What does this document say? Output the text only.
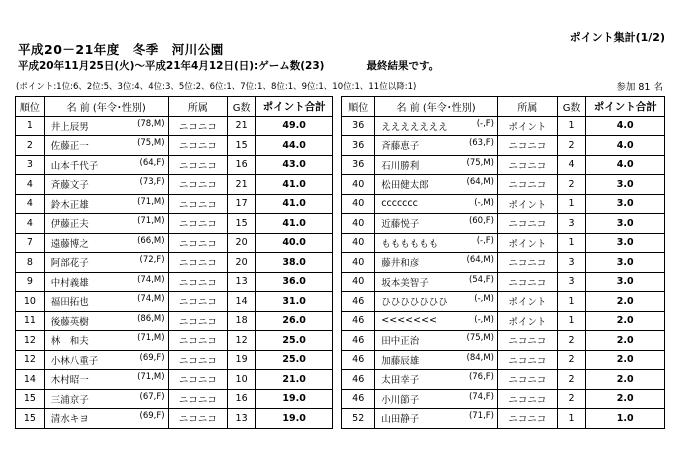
ポイント集計(1/2)
平成20－21年度　冬季　河川公園
平成20年11月25日(火)～平成21年4月12日(日):ゲーム数(23)	最終結果です。
(ポイント:1位:6、2位:5、3位:4、4位:3、5位:2、6位:1、7位:1、8位:1、9位:1、10位:1、11位以降:1)	参加 81 名
順位	名 前 (年令･性別)	所属	G数	ポイント合計		順位	名 前 (年令･性別)	所属	G数	ポイント合計
1	井上辰男 (78,M)	ニコニコ	21	49.0		36	えええええええ (-,F)	ポイント	1	4.0
2	佐藤正一 (75,M)	ニコニコ	15	44.0		36	斉藤恵子 (63,F)	ニコニコ	2	4.0
3	山本千代子 (64,F)	ニコニコ	16	43.0		36	石川勝利 (75,M)	ニコニコ	4	4.0
4	斉藤文子 (73,F)	ニコニコ	21	41.0		40	松田健太郎 (64,M)	ニコニコ	2	3.0
4	鈴木正雄 (71,M)	ニコニコ	17	41.0		40	ccccccc (-,M)	ポイント	1	3.0
4	伊藤正夫 (71,M)	ニコニコ	15	41.0		40	近藤悦子 (60,F)	ニコニコ	3	3.0
7	遠藤博之 (66,M)	ニコニコ	20	40.0		40	もももももも (-,F)	ポイント	1	3.0
8	阿部花子 (72,F)	ニコニコ	20	38.0		40	藤井和彦 (64,M)	ニコニコ	3	3.0
9	中村義雄 (74,M)	ニコニコ	13	36.0		40	坂本美智子 (54,F)	ニコニコ	3	3.0
10	福田拓也 (74,M)	ニコニコ	14	31.0		46	ひひひひひひひ (-,M)	ポイント	1	2.0
11	後藤英樹 (86,M)	ニコニコ	18	26.0		46	<<<<<<< (-,M)	ポイント	1	2.0
12	林　和夫 (71,M)	ニコニコ	12	25.0		46	田中正治 (75,M)	ニコニコ	2	2.0
12	小林八重子 (69,F)	ニコニコ	19	25.0		46	加藤辰雄 (84,M)	ニコニコ	2	2.0
14	木村昭一 (71,M)	ニコニコ	10	21.0		46	太田幸子 (76,F)	ニコニコ	2	2.0
15	三浦京子 (67,F)	ニコニコ	16	19.0		46	小川節子 (74,F)	ニコニコ	2	2.0
15	清水キヨ (69,F)	ニコニコ	13	19.0		52	山田静子 (71,F)	ニコニコ	1	1.0
